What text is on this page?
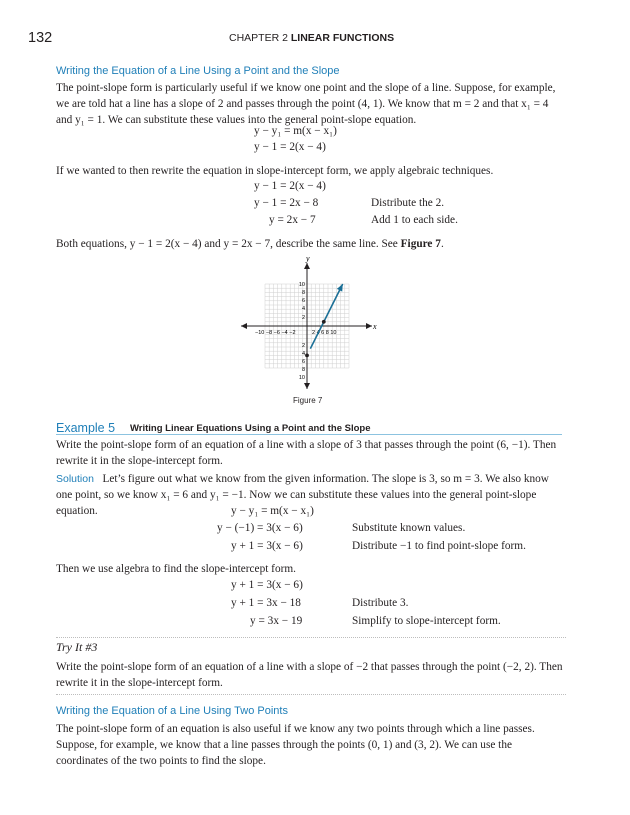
132	CHAPTER 2 LINEAR FUNCTIONS
Writing the Equation of a Line Using a Point and the Slope

The point-slope form is particularly useful if we know one point and the slope of a line. Suppose, for example, we are told hat a line has a slope of 2 and passes through the point (4, 1). We know that m = 2 and that x₁ = 4 and y₁ = 1. We can substitute these values into the general point-slope equation.

y − y₁ = m(x − x₁)
y − 1 = 2(x − 4)

If we wanted to then rewrite the equation in slope-intercept form, we apply algebraic techniques.

y − 1 = 2(x − 4)
y − 1 = 2x − 8	Distribute the 2.
y = 2x − 7	Add 1 to each side.

Both equations, y − 1 = 2(x − 4) and y = 2x − 7, describe the same line. See Figure 7.

x
y
−10 −8 −6 −4 −2	2 4 6 8 10
10
8
6
4
2
2
4
6
8
10
Figure 7
Example 5 Writing Linear Equations Using a Point and the Slope

Write the point-slope form of an equation of a line with a slope of 3 that passes through the point (6, −1). Then rewrite it in the slope-intercept form.

Solution Let’s figure out what we know from the given information. The slope is 3, so m = 3. We also know one point, so we know x₁ = 6 and y₁ = −1. Now we can substitute these values into the general point-slope equation.	y − y₁ = m(x − x₁)
y − (−1) = 3(x − 6)	Substitute known values.
y + 1 = 3(x − 6)	Distribute −1 to find point-slope form.

Then we use algebra to find the slope-intercept form.

y + 1 = 3(x − 6)
y + 1 = 3x − 18	Distribute 3.
y = 3x − 19	Simplify to slope-intercept form.
Try It #3

Write the point-slope form of an equation of a line with a slope of −2 that passes through the point (−2, 2). Then rewrite it in the slope-intercept form.

Writing the Equation of a Line Using Two Points

The point-slope form of an equation is also useful if we know any two points through which a line passes. Suppose, for example, we know that a line passes through the points (0, 1) and (3, 2). We can use the coordinates of the two points to find the slope.
